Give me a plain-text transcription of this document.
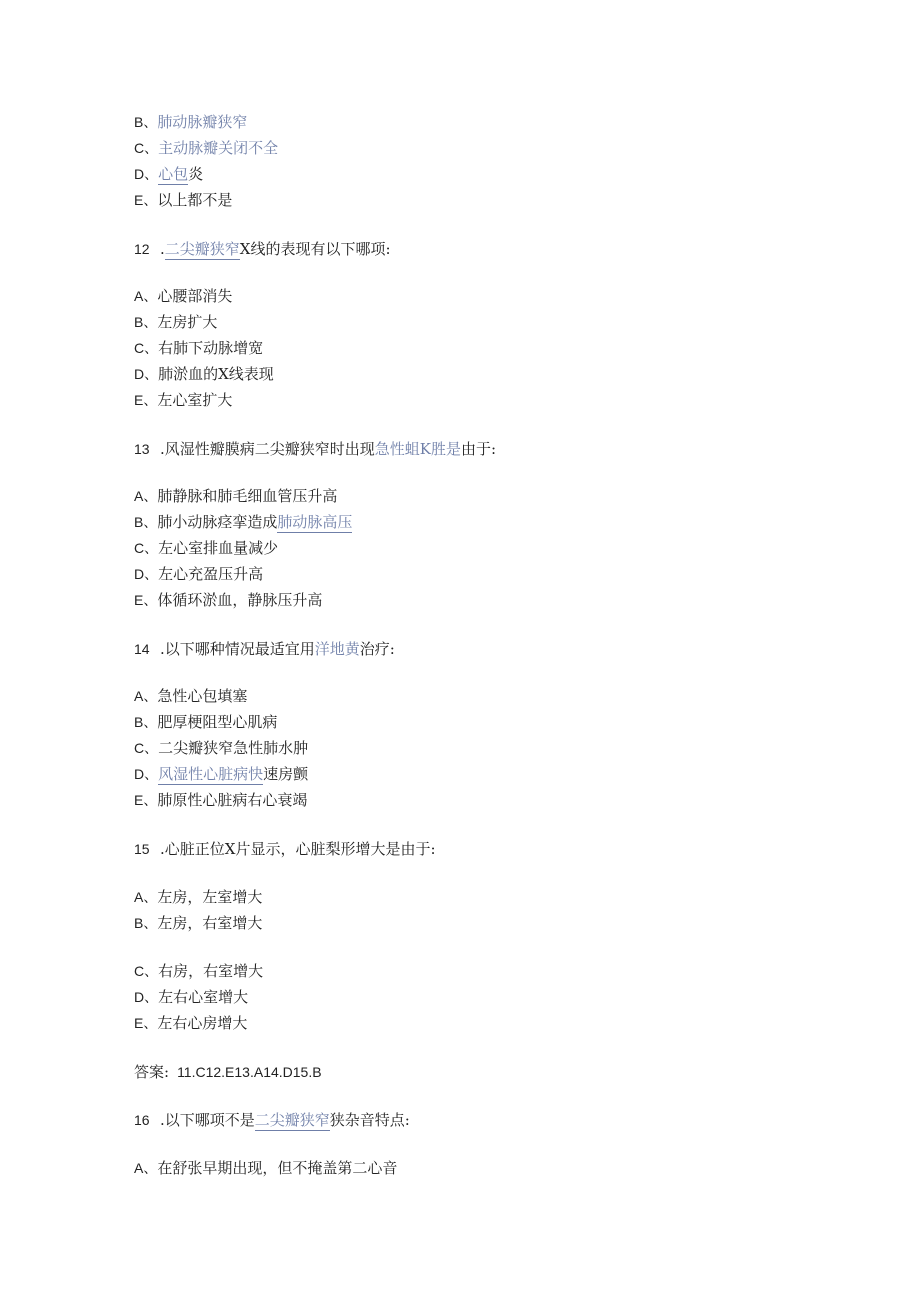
B、肺动脉瓣狭窄
C、主动脉瓣关闭不全
D、心包炎
E、以上都不是
12 .二尖瓣狭窄X线的表现有以下哪项:
A、心腰部消失
B、左房扩大
C、右肺下动脉增宽
D、肺淤血的X线表现
E、左心室扩大
13 .风湿性瓣膜病二尖瓣狭窄时出现急性蛆K胜是由于:
A、肺静脉和肺毛细血管压升高
B、肺小动脉痉挛造成肺动脉高压
C、左心室排血量减少
D、左心充盈压升高
E、体循环淤血，静脉压升高
14 .以下哪种情况最适宜用洋地黄治疗:
A、急性心包填塞
B、肥厚梗阻型心肌病
C、二尖瓣狭窄急性肺水肿
D、风湿性心脏病快速房颤
E、肺原性心脏病右心衰竭
15 .心脏正位X片显示，心脏梨形增大是由于:
A、左房，左室增大
B、左房，右室增大
C、右房，右室增大
D、左右心室增大
E、左右心房增大
答案: 11.C12.E13.A14.D15.B
16 .以下哪项不是二尖瓣狭窄狭杂音特点:
A、在舒张早期出现，但不掩盖第二心音
